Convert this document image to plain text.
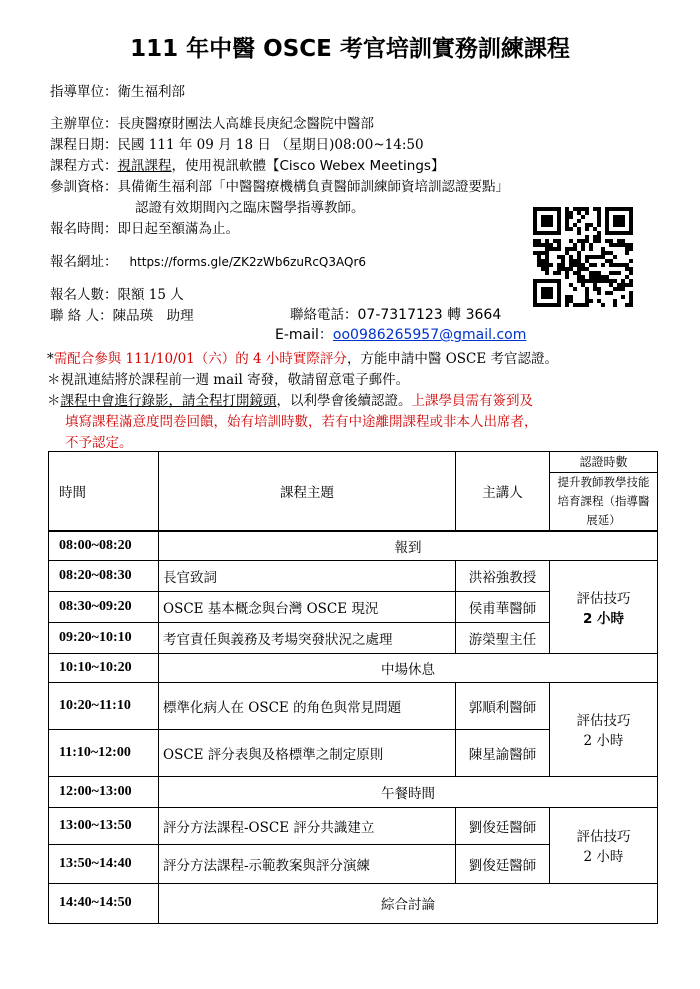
111 年中醫 OSCE 考官培訓實務訓練課程
指導單位：衛生福利部
主辦單位：長庚醫療財團法人高雄長庚紀念醫院中醫部
課程日期：民國 111 年 09 月 18 日 （星期日)08:00~14:50
課程方式：視訊課程，使用視訊軟體【Cisco Webex Meetings】
參訓資格：具備衛生福利部「中醫醫療機構負責醫師訓練師資培訓認證要點」
認證有效期間內之臨床醫學指導教師。
報名時間：即日起至額滿為止。
報名網址： https://forms.gle/ZK2zWb6zuRcQ3AQr6
報名人數：限額 15 人
聯 絡 人：陳品瑛　助理	聯絡電話：07-7317123 轉 3664
E-mail：oo0986265957@gmail.com
*需配合參與 111/10/01（六）的 4 小時實際評分，方能申請中醫 OSCE 考官認證。
＊視訊連結將於課程前一週 mail 寄發，敬請留意電子郵件。
＊課程中會進行錄影，請全程打開鏡頭，以利學會後續認證。上課學員需有簽到及
填寫課程滿意度問卷回饋，始有培訓時數，若有中途離開課程或非本人出席者，
不予認定。
時間	課程主題	主講人	認證時數
			提升教師教學技能培育課程（指導醫展延）
08:00~08:20	報到		
08:20~08:30	長官致詞	洪裕強教授	評估技巧
2 小時

08:30~09:20	OSCE 基本概念與台灣 OSCE 現況	侯甫華醫師	
09:20~10:10	考官責任與義務及考場突發狀況之處理	游榮聖主任	
10:10~10:20	中場休息		
10:20~11:10	標準化病人在 OSCE 的角色與常見問題	郭順利醫師	評估技巧
2 小時

11:10~12:00	OSCE 評分表與及格標準之制定原則	陳星諭醫師	
12:00~13:00	午餐時間		
13:00~13:50	評分方法課程-OSCE 評分共識建立	劉俊廷醫師	評估技巧
2 小時

13:50~14:40	評分方法課程-示範教案與評分演練	劉俊廷醫師	
14:40~14:50	綜合討論		
